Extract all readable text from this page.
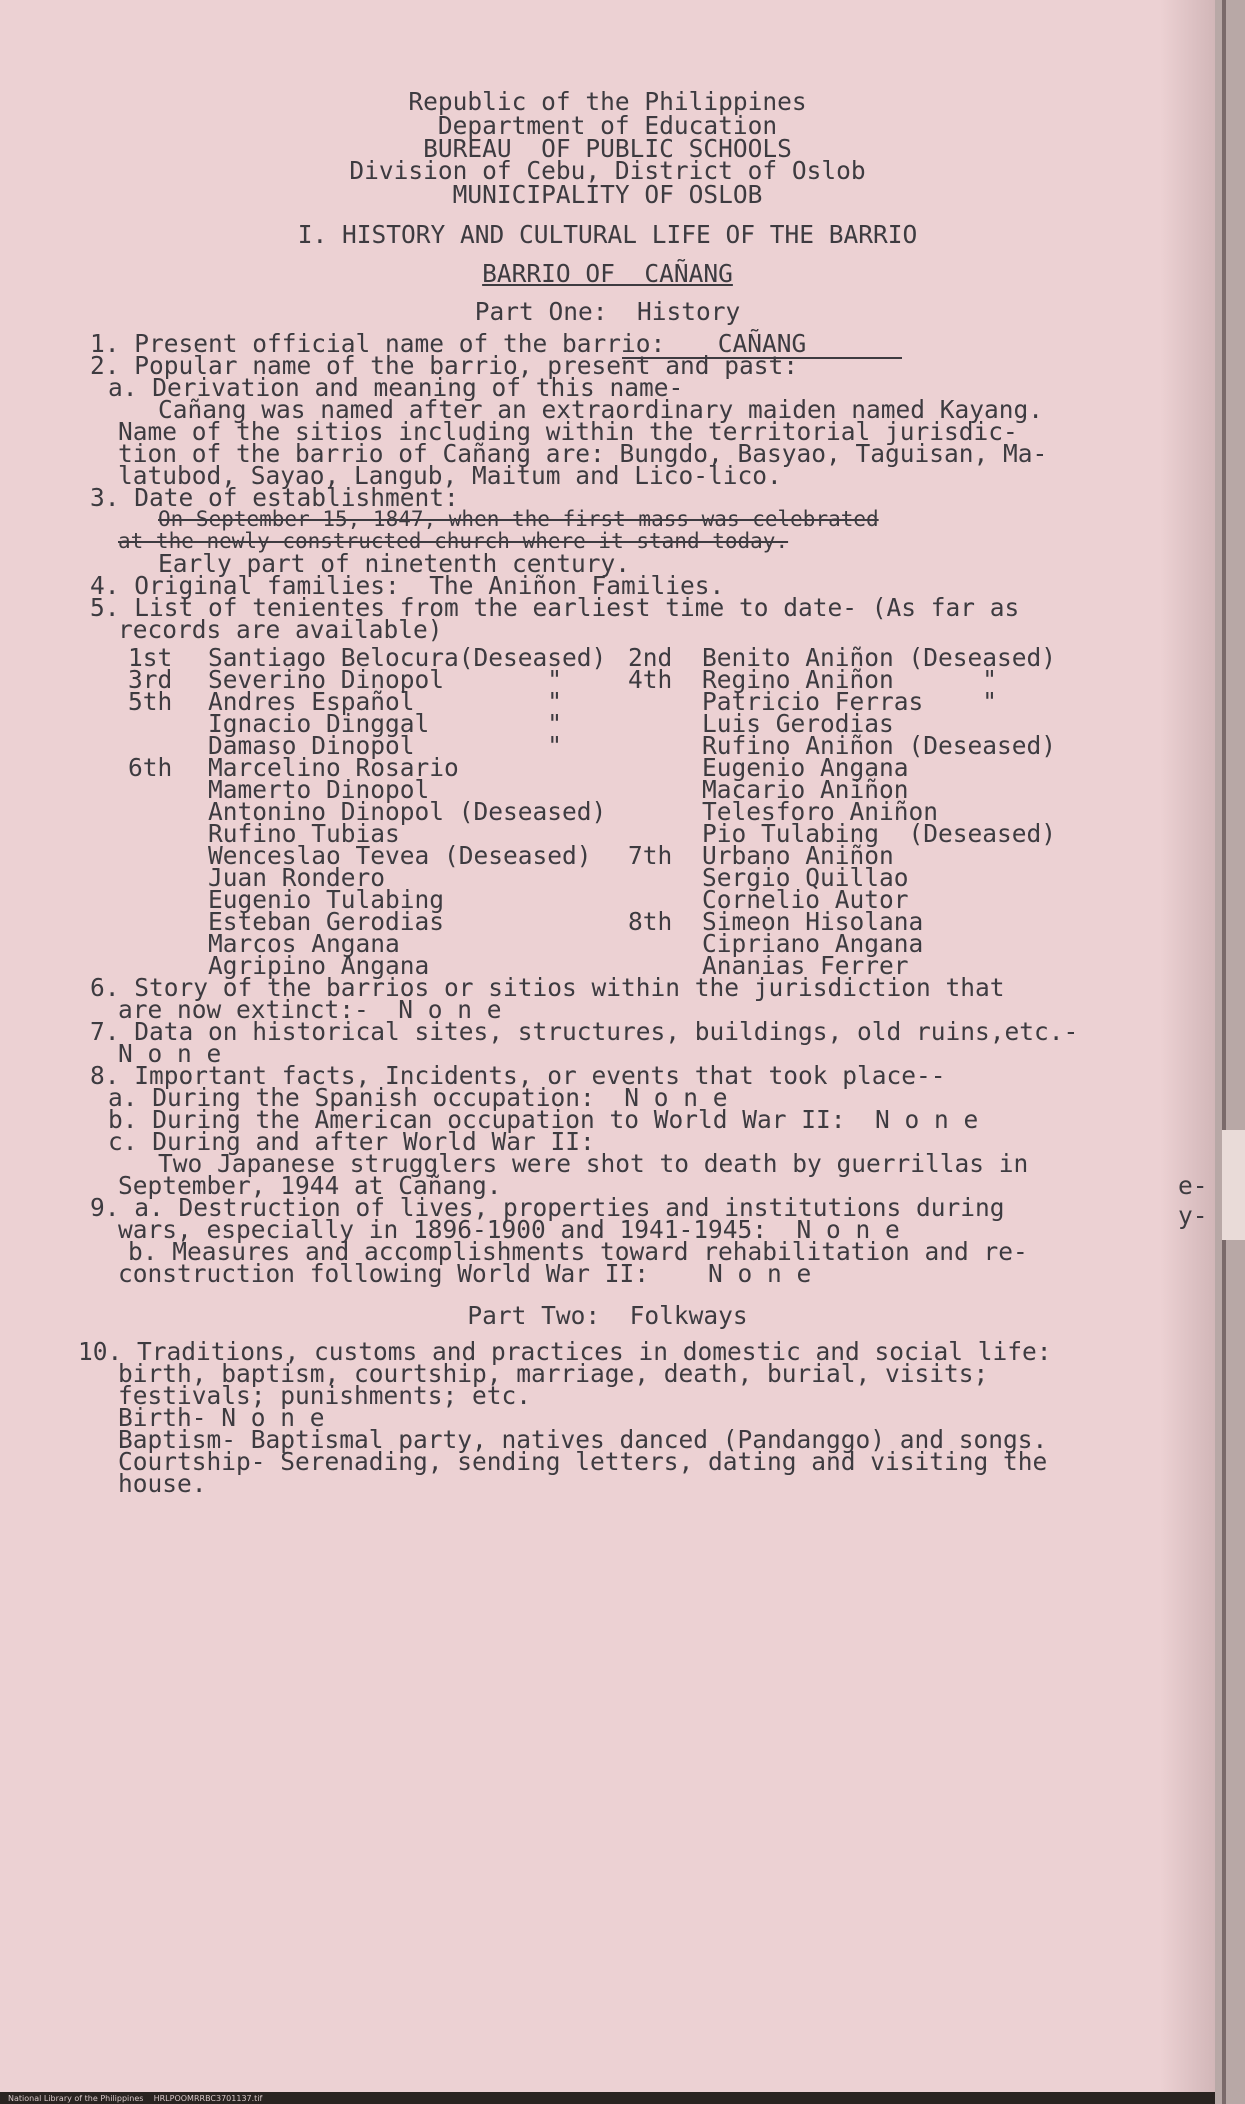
Republic of the Philippines
Department of Education
BUREAU  OF PUBLIC SCHOOLS
Division of Cebu, District of Oslob
MUNICIPALITY OF OSLOB
I. HISTORY AND CULTURAL LIFE OF THE BARRIO
BARRIO OF  CAÑANG
Part One:  History
1. Present official name of the barrio:	CAÑANG
2. Popular name of the barrio, present and past:
a. Derivation and meaning of this name-
Cañang was named after an extraordinary maiden named Kayang.
Name of the sitios including within the territorial jurisdic-
tion of the barrio of Cañang are: Bungdo, Basyao, Taguisan, Ma-
latubod, Sayao, Langub, Maitum and Lico-lico.
3. Date of establishment:
On September 15, 1847, when the first mass was celebrated
at the newly constructed church where it stand today.
Early part of ninetenth century.
4. Original families:  The Aniñon Families.
5. List of tenientes from the earliest time to date- (As far as
records are available)
1st Santiago Belocura(Deseased)
3rd Severino Dinopol       "
5th Andres Español         "
Ignacio Dinggal        "
Damaso Dinopol         "
6th Marcelino Rosario
Mamerto Dinopol
Antonino Dinopol (Deseased)
Rufino Tubias
Wenceslao Tevea (Deseased)
Juan Rondero
Eugenio Tulabing
Esteban Gerodias
Marcos Angana
Agripino Angana
2nd Benito Aniñon (Deseased)
4th Regino Aniñon      "
Patricio Ferras    "
Luis Gerodias
Rufino Aniñon (Deseased)
Eugenio Angana
Macario Aniñon
Telesforo Aniñon
Pio Tulabing  (Deseased)
7th Urbano Aniñon
Sergio Quillao
Cornelio Autor
8th Simeon Hisolana
Cipriano Angana
Ananias Ferrer
6. Story of the barrios or sitios within the jurisdiction that
are now extinct:-  N o n e
7. Data on historical sites, structures, buildings, old ruins,etc.-
N o n e
8. Important facts, Incidents, or events that took place--
a. During the Spanish occupation:  N o n e
b. During the American occupation to World War II:  N o n e
c. During and after World War II:
Two Japanese strugglers were shot to death by guerrillas in
September, 1944 at Cañang.
9. a. Destruction of lives, properties and institutions during
wars, especially in 1896-1900 and 1941-1945:  N o n e
b. Measures and accomplishments toward rehabilitation and re-
construction following World War II:    N o n e
Part Two:  Folkways
10. Traditions, customs and practices in domestic and social life:
birth, baptism, courtship, marriage, death, burial, visits;
festivals; punishments; etc.
Birth- N o n e
Baptism- Baptismal party, natives danced (Pandanggo) and songs.
Courtship- Serenading, sending letters, dating and visiting the
house.
e-
y-
National Library of the Philippines    HRLPOOMRRBC3701137.tif
